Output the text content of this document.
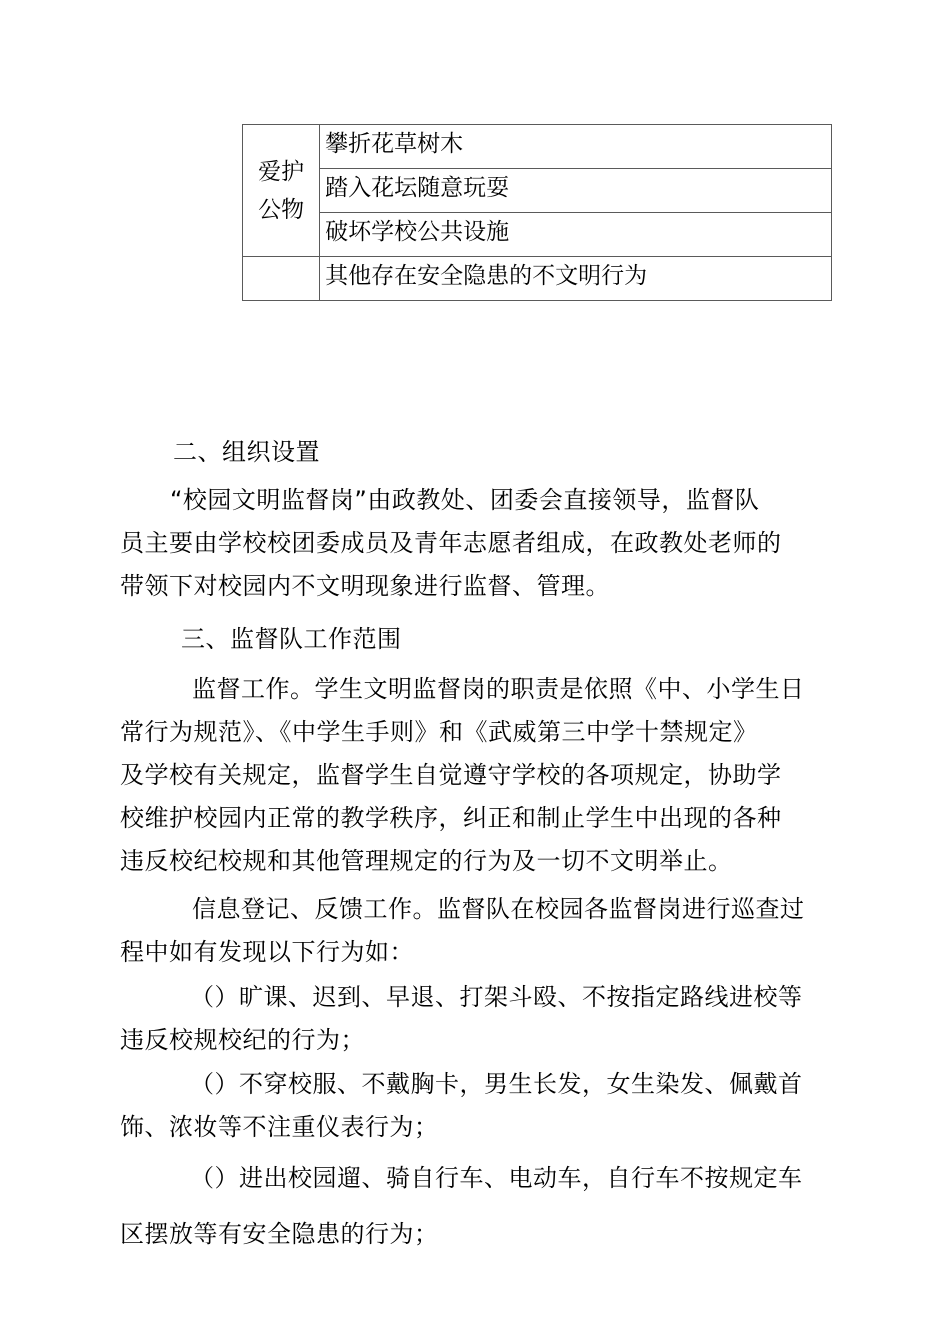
爱护
公物	攀折花草树木
	踏入花坛随意玩耍
	破坏学校公共设施
	其他存在安全隐患的不文明行为
二、组织设置
“校园文明监督岗”由政教处、团委会直接领导，监督队
员主要由学校校团委成员及青年志愿者组成，在政教处老师的
带领下对校园内不文明现象进行监督、管理。
三、监督队工作范围
监督工作。学生文明监督岗的职责是依照《中、小学生日
常行为规范》、《中学生手则》和《武威第三中学十禁规定》
及学校有关规定，监督学生自觉遵守学校的各项规定，协助学
校维护校园内正常的教学秩序，纠正和制止学生中出现的各种
违反校纪校规和其他管理规定的行为及一切不文明举止。
信息登记、反馈工作。监督队在校园各监督岗进行巡查过
程中如有发现以下行为如：
（）旷课、迟到、早退、打架斗殴、不按指定路线进校等
违反校规校纪的行为；
（）不穿校服、不戴胸卡，男生长发，女生染发、佩戴首
饰、浓妆等不注重仪表行为；
（）进出校园遛、骑自行车、电动车，自行车不按规定车
区摆放等有安全隐患的行为；
